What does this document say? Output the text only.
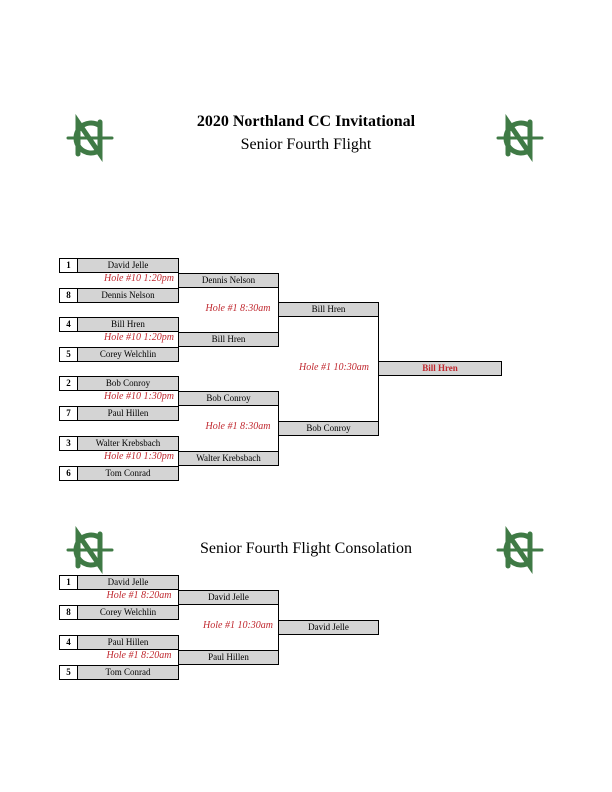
2020 Northland CC Invitational
Senior Fourth Flight
1	David Jelle
8	Dennis Nelson
4	Bill Hren
5	Corey Welchlin
2	Bob Conroy
7	Paul Hillen
3	Walter Krebsbach
6	Tom Conrad
Hole #10 1:20pm
Hole #10 1:20pm
Hole #10 1:30pm
Hole #10 1:30pm
Dennis Nelson
Bill Hren
Bob Conroy
Walter Krebsbach
Hole #1 8:30am
Hole #1 8:30am
Bill Hren
Bob Conroy
Hole #1 10:30am	Bill Hren
Senior Fourth Flight Consolation
1	David Jelle
8	Corey Welchlin
4	Paul Hillen
5	Tom Conrad
Hole #1 8:20am
Hole #1 8:20am
David Jelle
Paul Hillen
Hole #1 10:30am	David Jelle
